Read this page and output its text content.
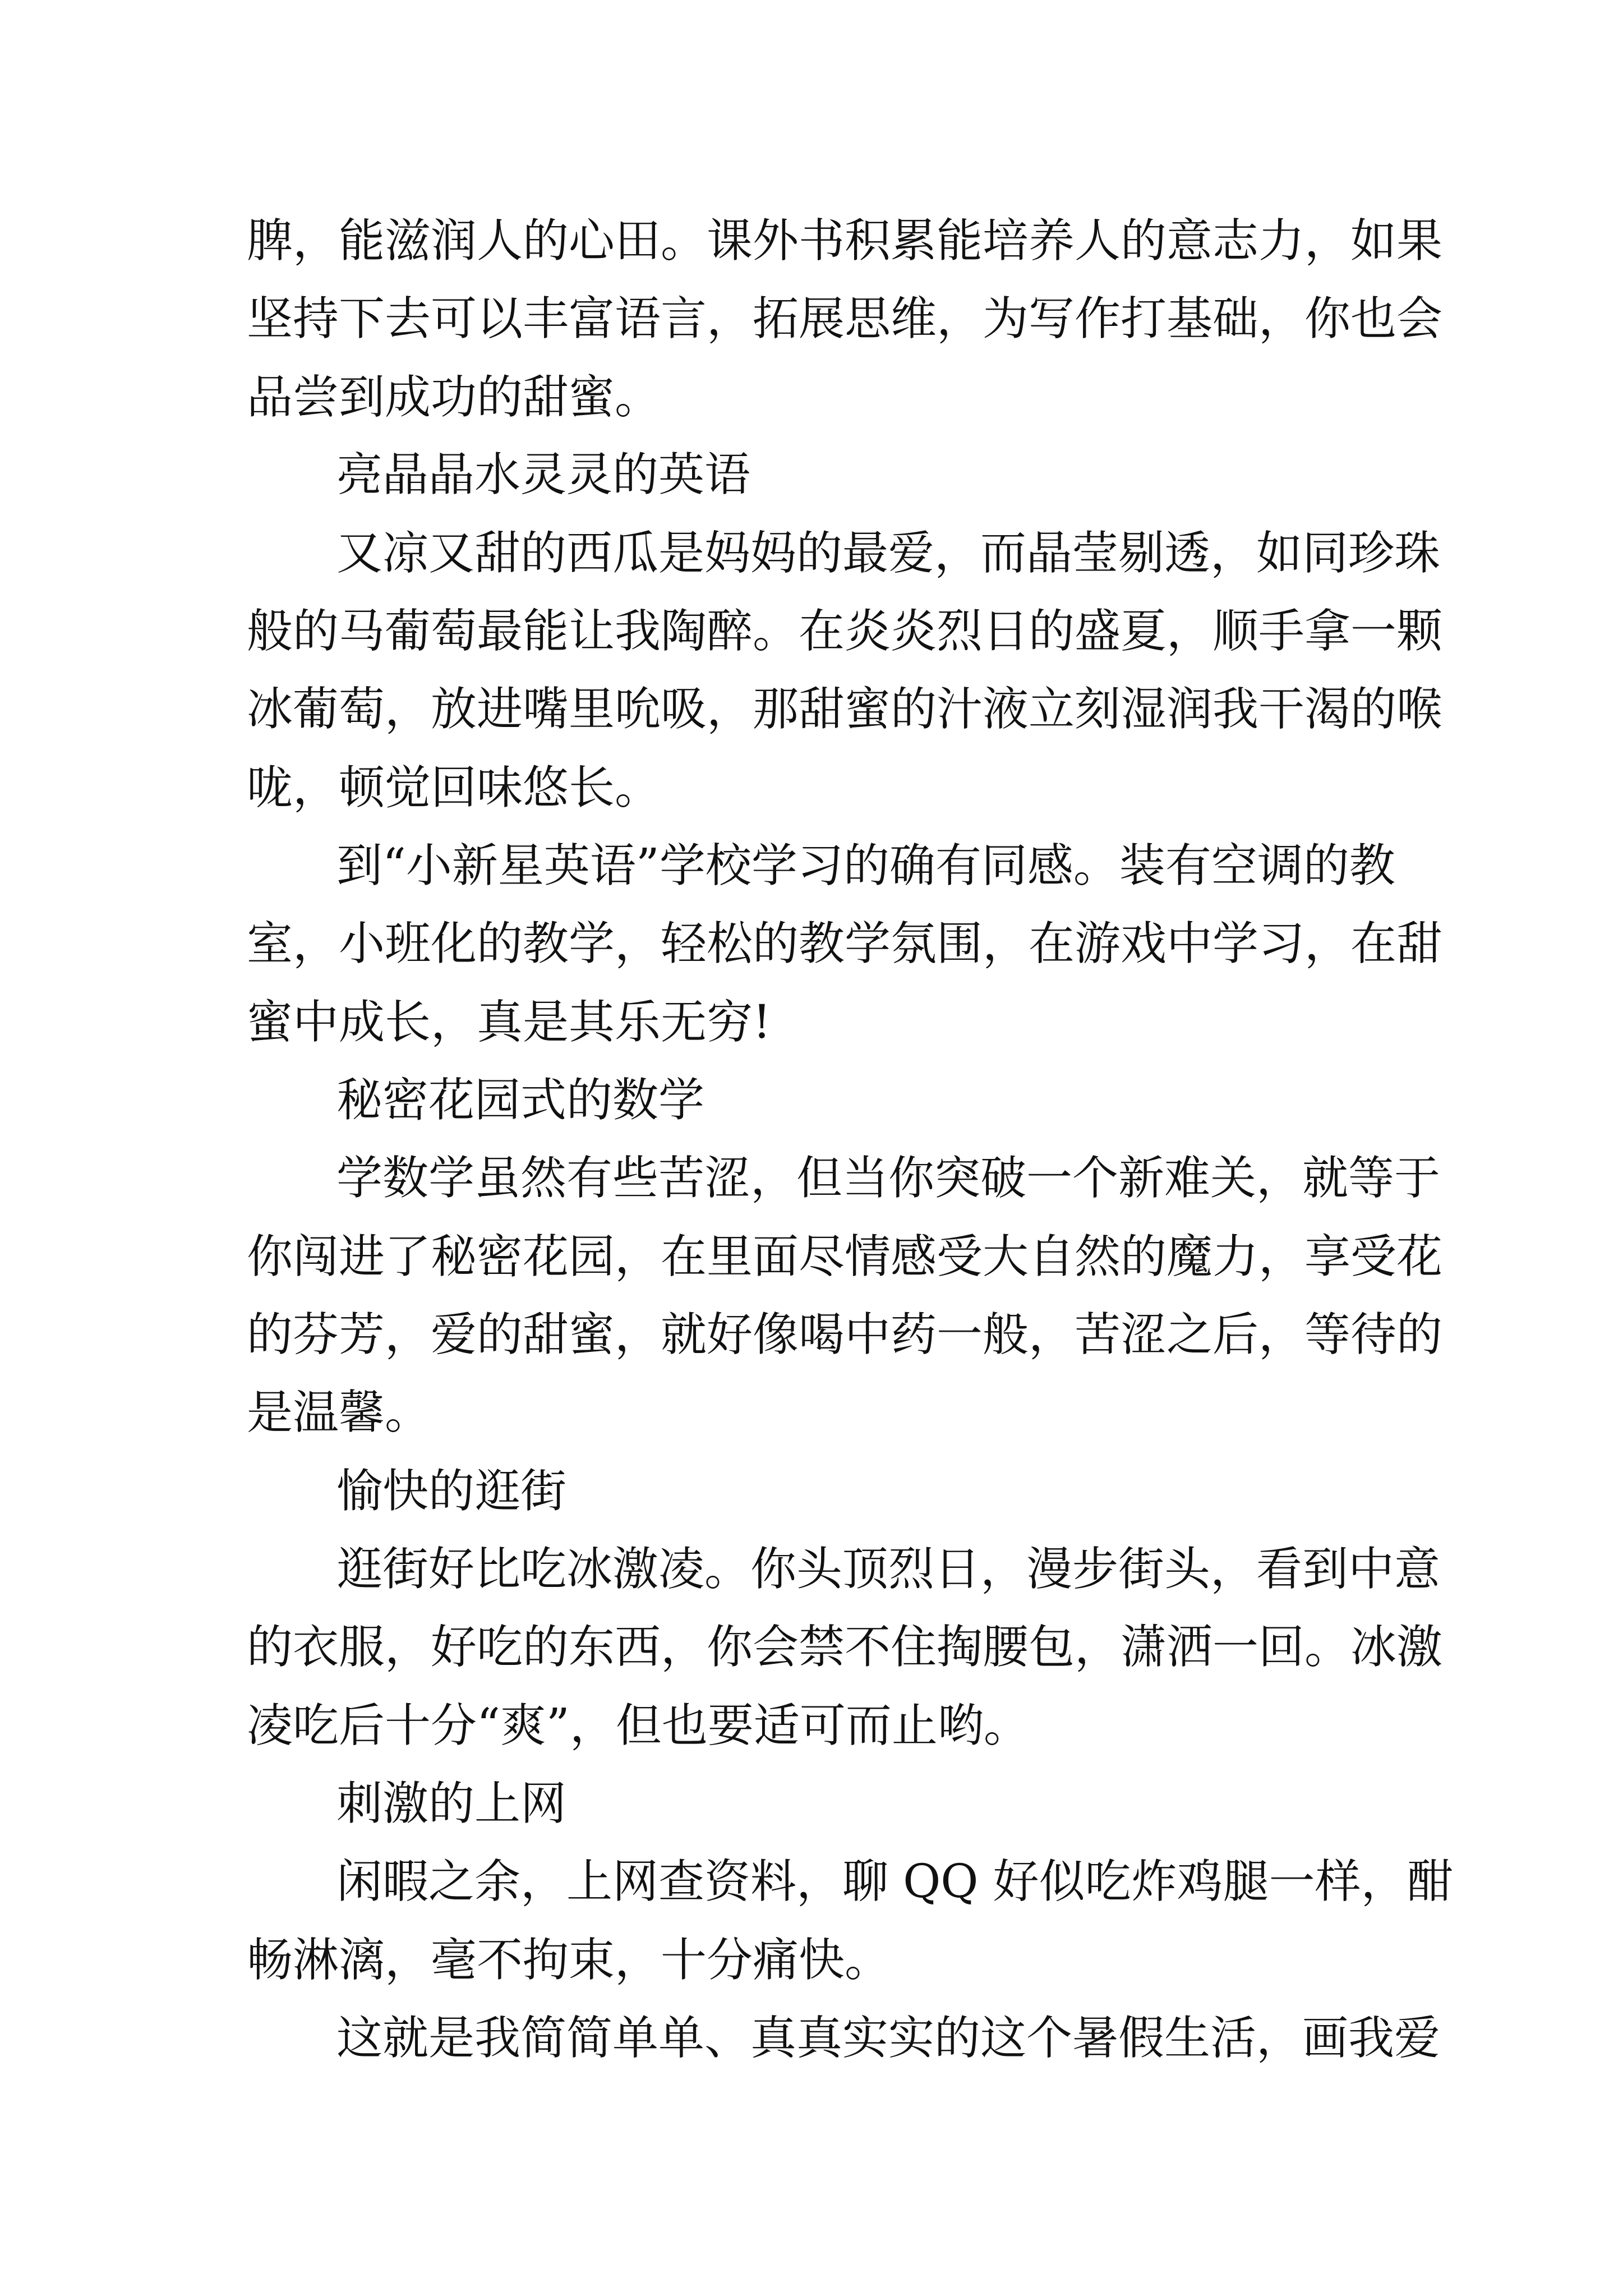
脾，能滋润人的心田。课外书积累能培养人的意志力，如果
坚持下去可以丰富语言，拓展思维，为写作打基础，你也会
品尝到成功的甜蜜。
亮晶晶水灵灵的英语
又凉又甜的西瓜是妈妈的最爱，而晶莹剔透，如同珍珠
般的马葡萄最能让我陶醉。在炎炎烈日的盛夏，顺手拿一颗
冰葡萄，放进嘴里吮吸，那甜蜜的汁液立刻湿润我干渴的喉
咙，顿觉回味悠长。
到“小新星英语”学校学习的确有同感。装有空调的教
室，小班化的教学，轻松的教学氛围，在游戏中学习，在甜
蜜中成长，真是其乐无穷!
秘密花园式的数学
学数学虽然有些苦涩，但当你突破一个新难关，就等于
你闯进了秘密花园，在里面尽情感受大自然的魔力，享受花
的芬芳，爱的甜蜜，就好像喝中药一般，苦涩之后，等待的
是温馨。
愉快的逛街
逛街好比吃冰激凌。你头顶烈日，漫步街头，看到中意
的衣服，好吃的东西，你会禁不住掏腰包，潇洒一回。冰激
凌吃后十分“爽”，但也要适可而止哟。
刺激的上网
闲暇之余，上网查资料，聊 QQ 好似吃炸鸡腿一样，酣
畅淋漓，毫不拘束，十分痛快。
这就是我简简单单、真真实实的这个暑假生活，画我爱
